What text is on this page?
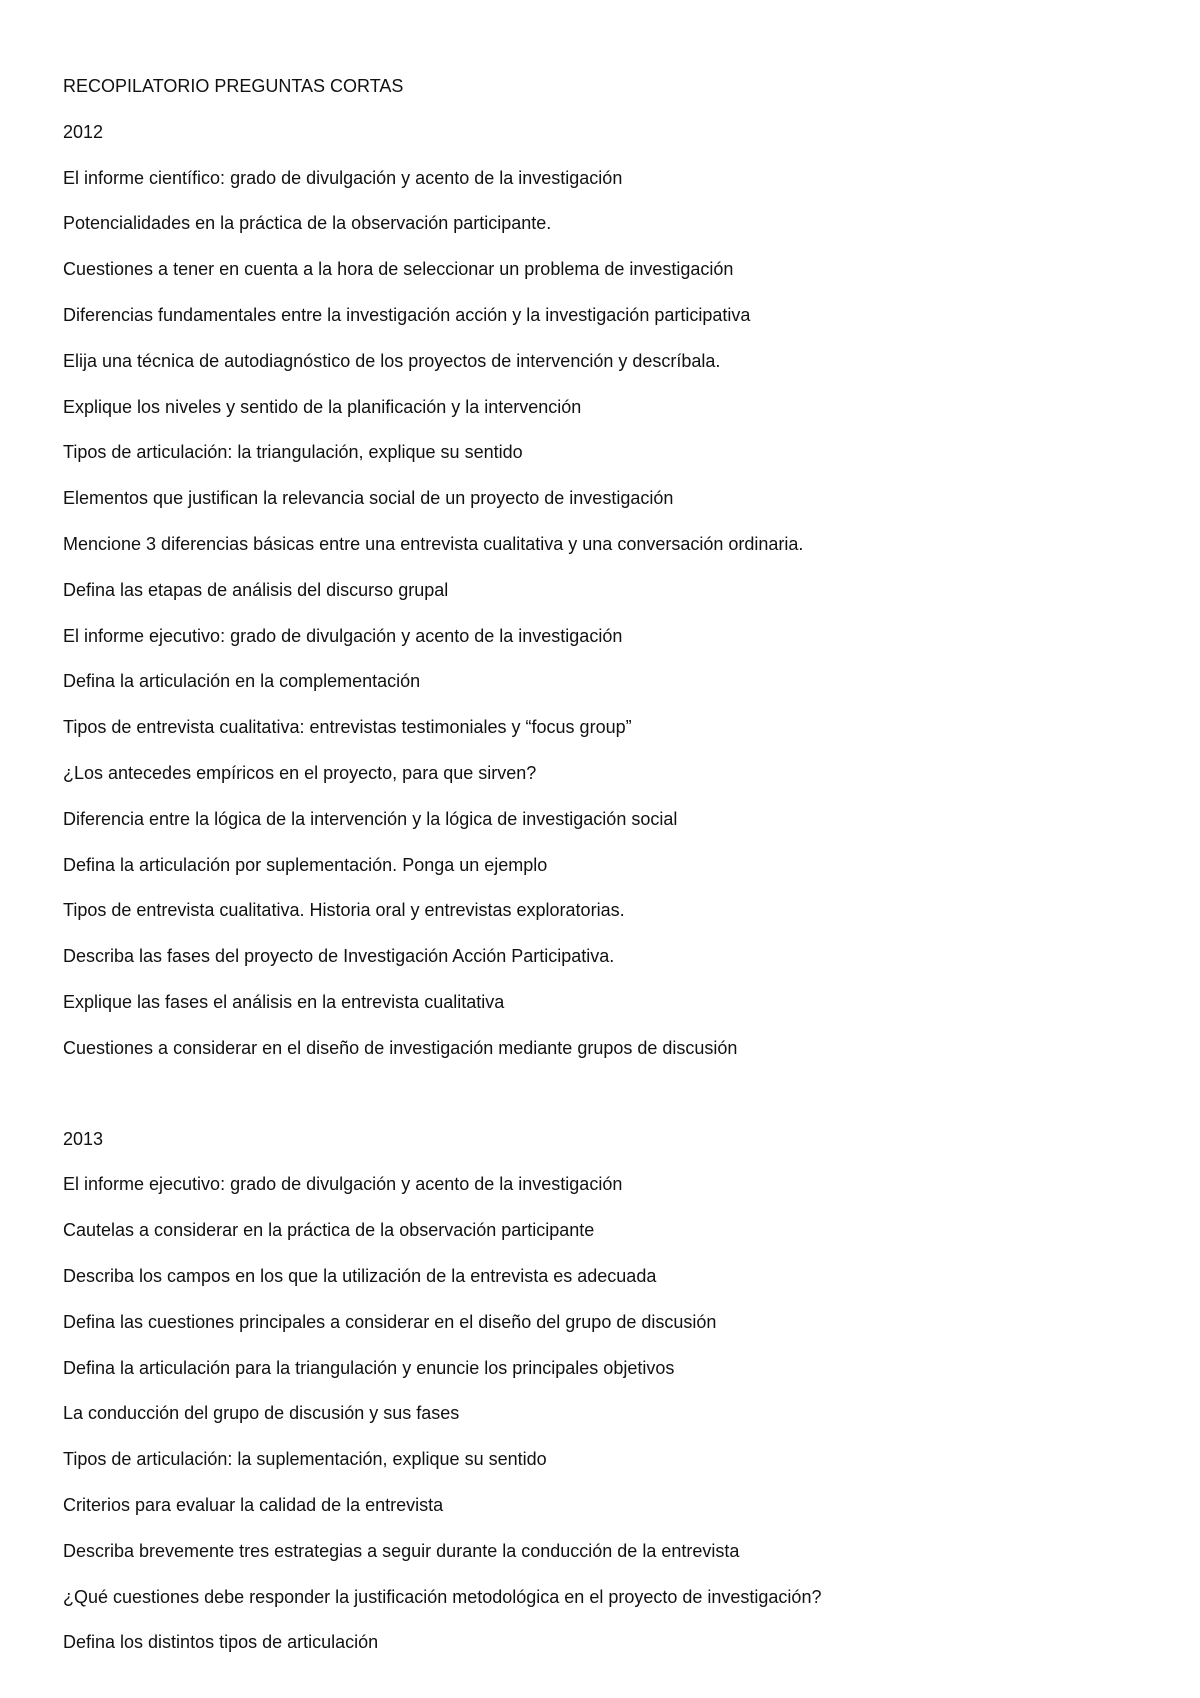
RECOPILATORIO PREGUNTAS CORTAS
2012
El informe científico: grado de divulgación y acento de la investigación
Potencialidades en la práctica de la observación participante.
Cuestiones a tener en cuenta a la hora de seleccionar un problema de investigación
Diferencias fundamentales entre la investigación acción y la investigación participativa
Elija una técnica de autodiagnóstico de los proyectos de intervención y descríbala.
Explique los niveles y sentido de la planificación y la intervención
Tipos de articulación: la triangulación, explique su sentido
Elementos que justifican la relevancia social de un proyecto de investigación
Mencione 3 diferencias básicas entre una entrevista cualitativa y una conversación ordinaria.
Defina las etapas de análisis del discurso grupal
El informe ejecutivo: grado de divulgación y acento de la investigación
Defina la articulación en la complementación
Tipos de entrevista cualitativa: entrevistas testimoniales y “focus group”
¿Los antecedes empíricos en el proyecto, para que sirven?
Diferencia entre la lógica de la intervención y la lógica de investigación social
Defina la articulación por suplementación. Ponga un ejemplo
Tipos de entrevista cualitativa. Historia oral y entrevistas exploratorias.
Describa las fases del proyecto de Investigación Acción Participativa.
Explique las fases el análisis en la entrevista cualitativa
Cuestiones a considerar en el diseño de investigación mediante grupos de discusión
2013
El informe ejecutivo: grado de divulgación y acento de la investigación
Cautelas a considerar en la práctica de la observación participante
Describa los campos en los que la utilización de la entrevista es adecuada
Defina las cuestiones principales a considerar en el diseño del grupo de discusión
Defina la articulación para la triangulación y enuncie los principales objetivos
La conducción del grupo de discusión y sus fases
Tipos de articulación: la suplementación, explique su sentido
Criterios para evaluar la calidad de la entrevista
Describa brevemente tres estrategias a seguir durante la conducción de la entrevista
¿Qué cuestiones debe responder la justificación metodológica en el proyecto de investigación?
Defina los distintos tipos de articulación
